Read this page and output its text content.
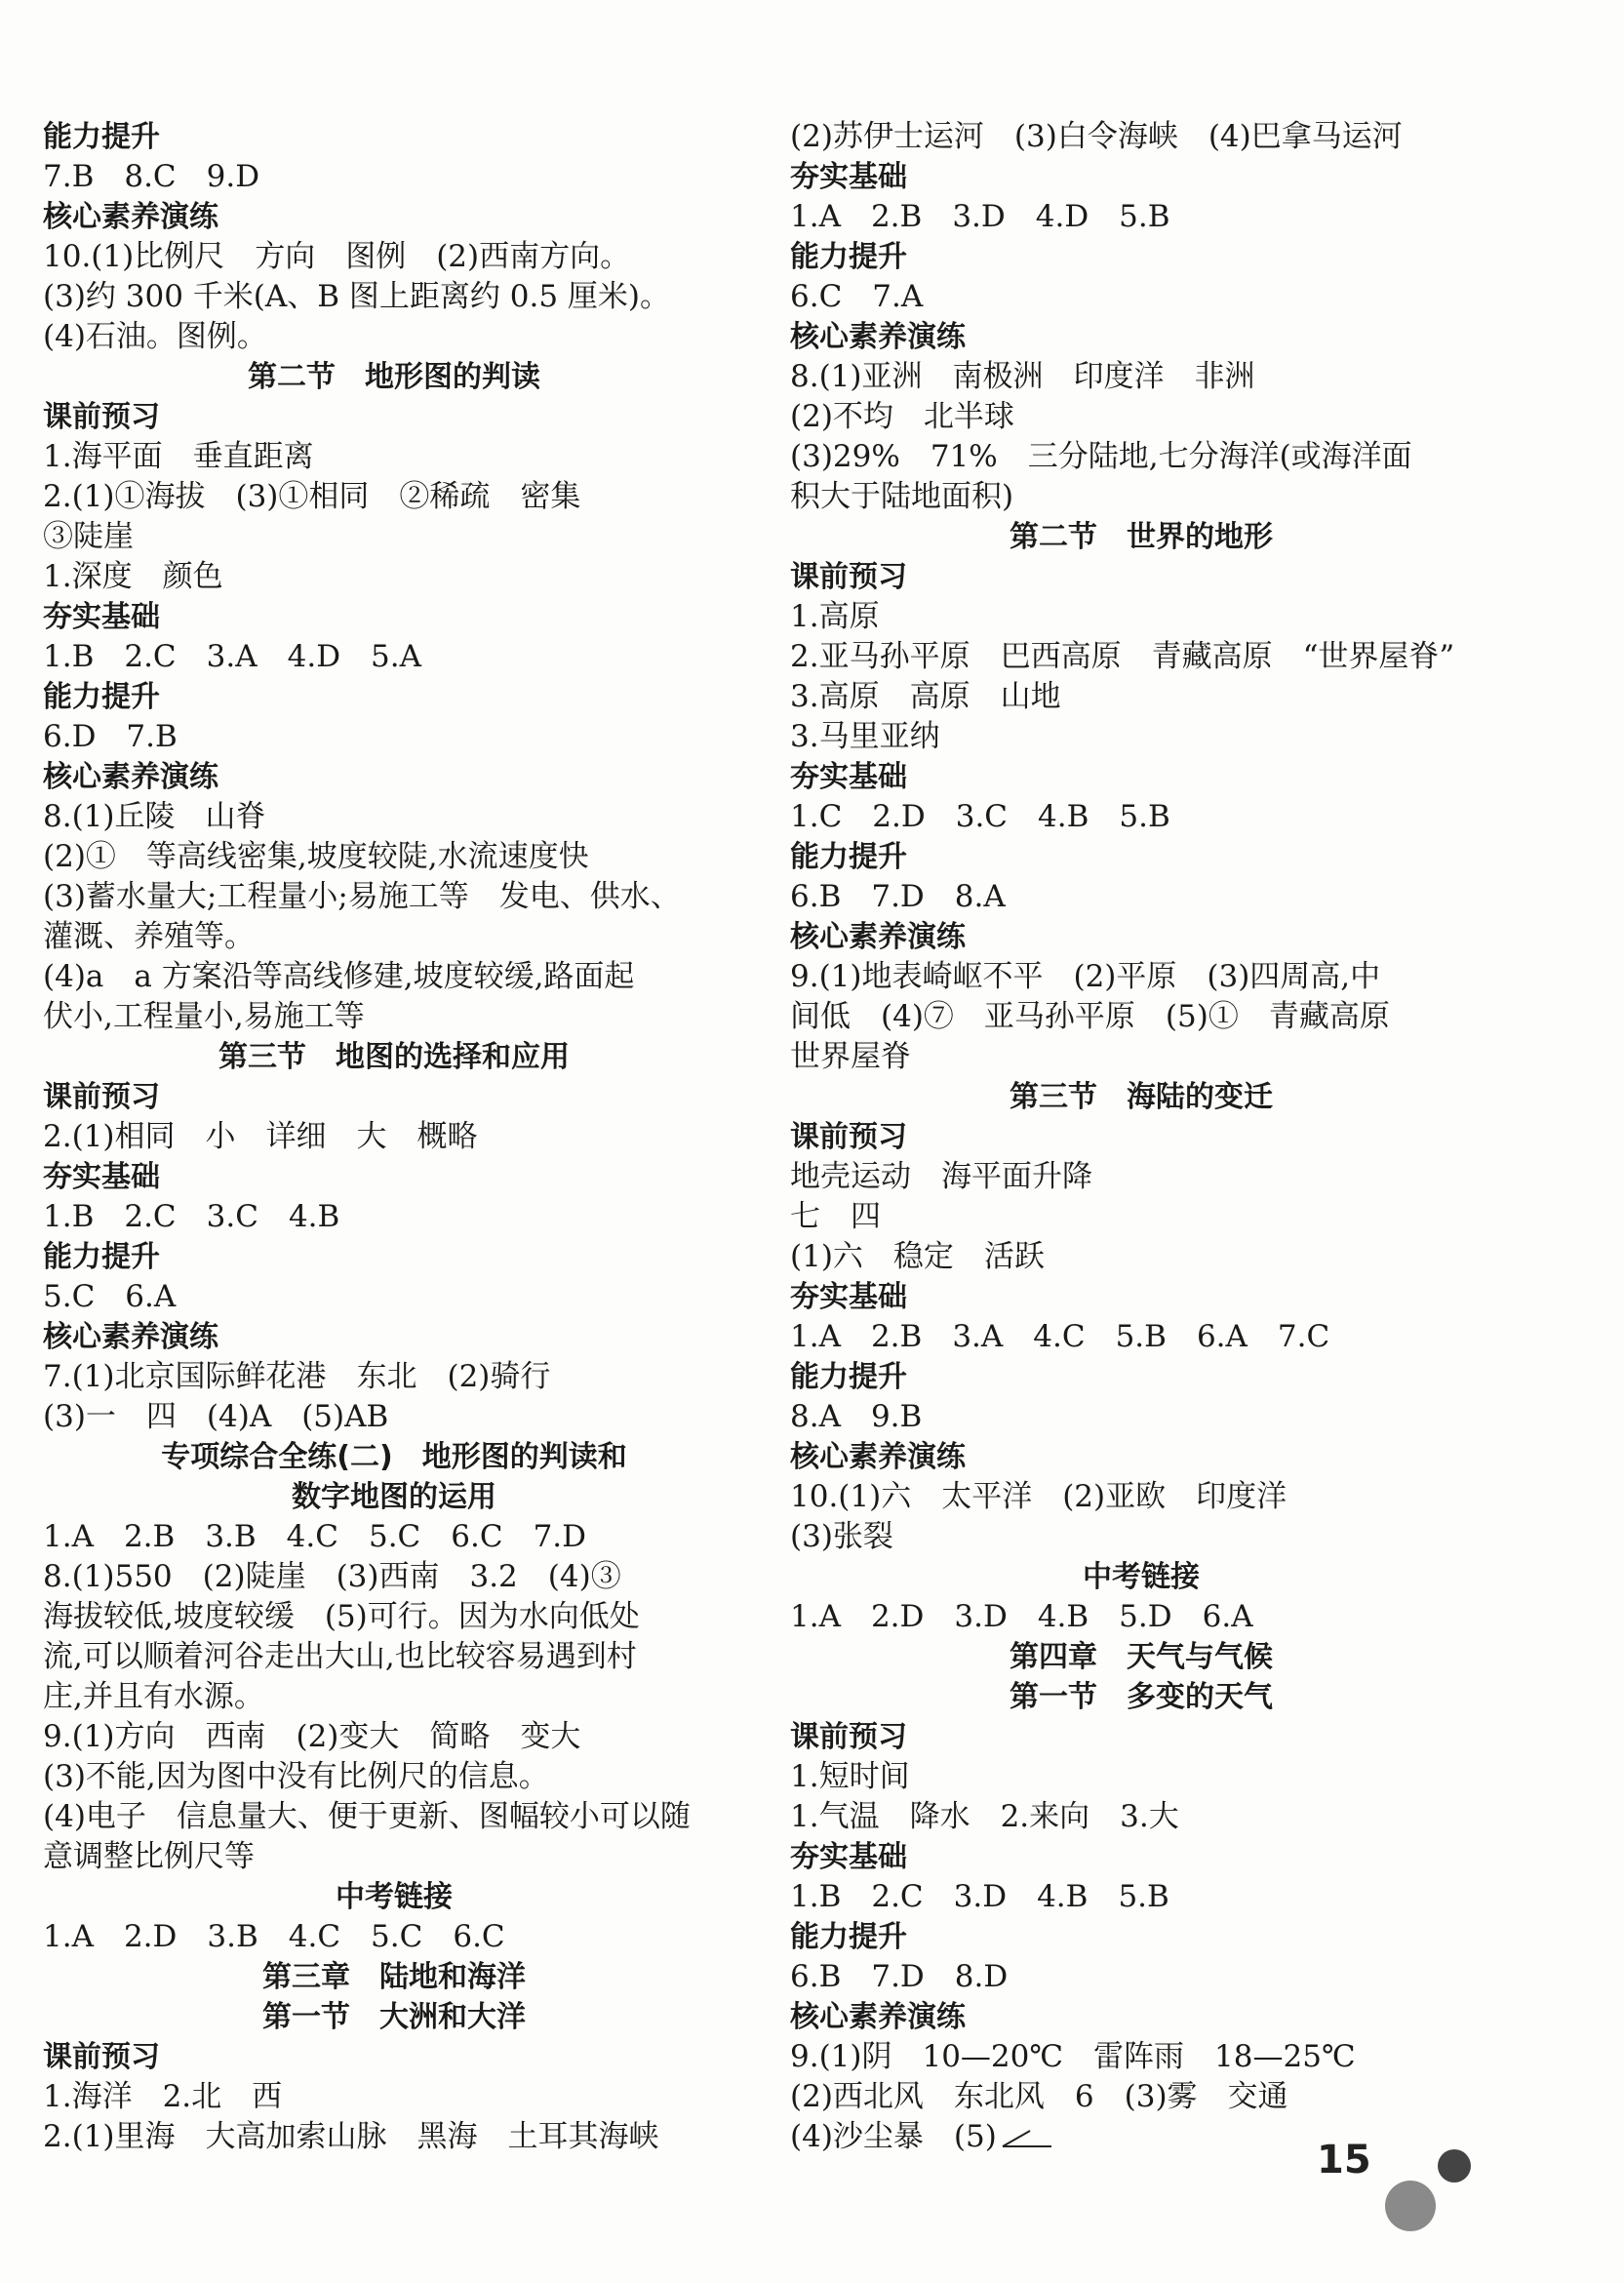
能力提升
7.B　8.C　9.D
核心素养演练
10.(1)比例尺　方向　图例　(2)西南方向。
(3)约 300 千米(A、B 图上距离约 0.5 厘米)。
(4)石油。图例。
第二节　地形图的判读
课前预习
1.海平面　垂直距离
2.(1)①海拔　(3)①相同　②稀疏　密集
③陡崖
1.深度　颜色
夯实基础
1.B　2.C　3.A　4.D　5.A
能力提升
6.D　7.B
核心素养演练
8.(1)丘陵　山脊
(2)①　等高线密集,坡度较陡,水流速度快
(3)蓄水量大;工程量小;易施工等　发电、供水、
灌溉、养殖等。
(4)a　a 方案沿等高线修建,坡度较缓,路面起
伏小,工程量小,易施工等
第三节　地图的选择和应用
课前预习
2.(1)相同　小　详细　大　概略
夯实基础
1.B　2.C　3.C　4.B
能力提升
5.C　6.A
核心素养演练
7.(1)北京国际鲜花港　东北　(2)骑行
(3)一　四　(4)A　(5)AB
专项综合全练(二)　地形图的判读和
数字地图的运用
1.A　2.B　3.B　4.C　5.C　6.C　7.D
8.(1)550　(2)陡崖　(3)西南　3.2　(4)③
海拔较低,坡度较缓　(5)可行。因为水向低处
流,可以顺着河谷走出大山,也比较容易遇到村
庄,并且有水源。
9.(1)方向　西南　(2)变大　简略　变大
(3)不能,因为图中没有比例尺的信息。
(4)电子　信息量大、便于更新、图幅较小可以随
意调整比例尺等
中考链接
1.A　2.D　3.B　4.C　5.C　6.C
第三章　陆地和海洋
第一节　大洲和大洋
课前预习
1.海洋　2.北　西
2.(1)里海　大高加索山脉　黑海　土耳其海峡
(2)苏伊士运河　(3)白令海峡　(4)巴拿马运河
夯实基础
1.A　2.B　3.D　4.D　5.B
能力提升
6.C　7.A
核心素养演练
8.(1)亚洲　南极洲　印度洋　非洲
(2)不均　北半球
(3)29%　71%　三分陆地,七分海洋(或海洋面
积大于陆地面积)
第二节　世界的地形
课前预习
1.高原
2.亚马孙平原　巴西高原　青藏高原　“世界屋脊”
3.高原　高原　山地
3.马里亚纳
夯实基础
1.C　2.D　3.C　4.B　5.B
能力提升
6.B　7.D　8.A
核心素养演练
9.(1)地表崎岖不平　(2)平原　(3)四周高,中
间低　(4)⑦　亚马孙平原　(5)①　青藏高原
世界屋脊
第三节　海陆的变迁
课前预习
地壳运动　海平面升降
七　四
(1)六　稳定　活跃
夯实基础
1.A　2.B　3.A　4.C　5.B　6.A　7.C
能力提升
8.A　9.B
核心素养演练
10.(1)六　太平洋　(2)亚欧　印度洋
(3)张裂
中考链接
1.A　2.D　3.D　4.B　5.D　6.A
第四章　天气与气候
第一节　多变的天气
课前预习
1.短时间
1.气温　降水　2.来向　3.大
夯实基础
1.B　2.C　3.D　4.B　5.B
能力提升
6.B　7.D　8.D
核心素养演练
9.(1)阴　10—20℃　雷阵雨　18—25℃
(2)西北风　东北风　6　(3)雾　交通
(4)沙尘暴　(5)
15
